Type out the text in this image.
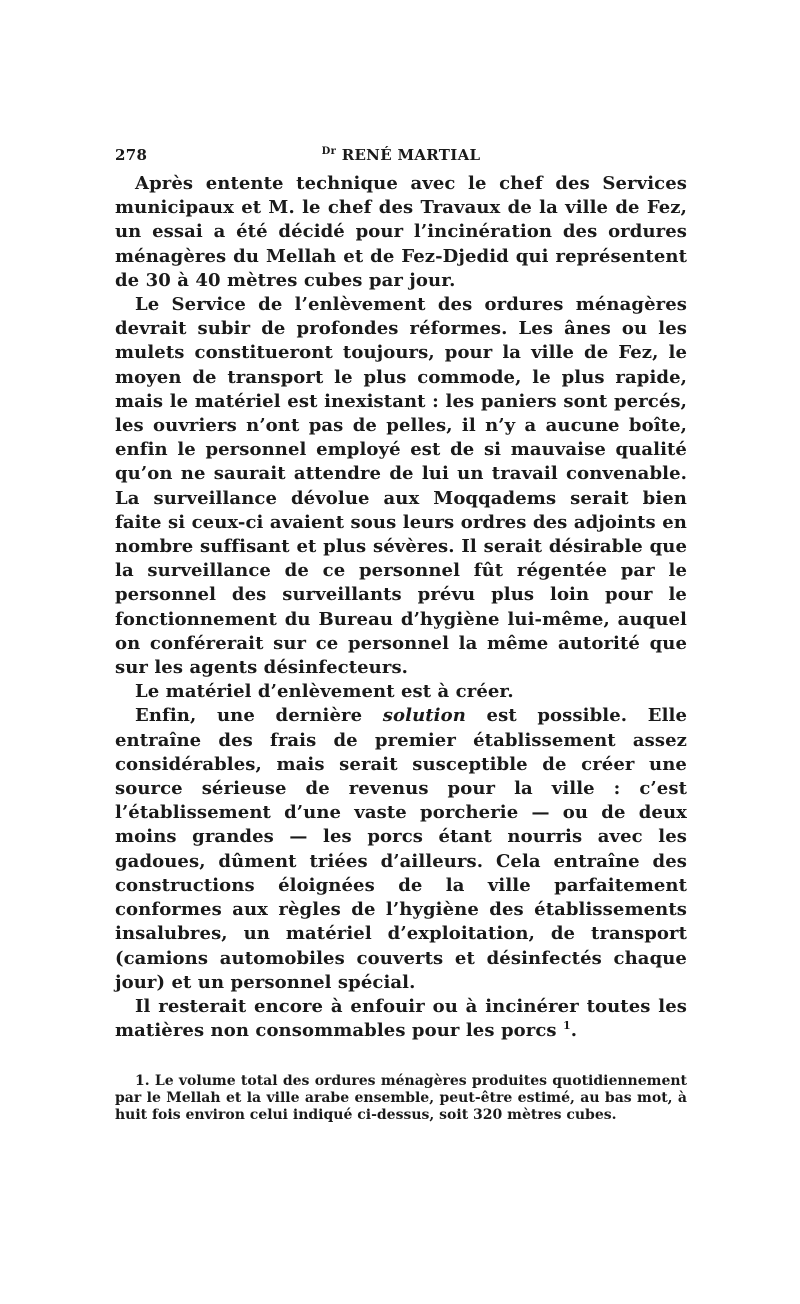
278	$^{Dr}$ RENÉ MARTIAL

Après entente technique avec le chef des Services municipaux et M. le chef des Travaux de la ville de Fez, un essai a été décidé pour l’incinération des ordures ménagères du Mellah et de Fez-Djedid qui représentent de 30 à 40 mètres cubes par jour.

Le Service de l’enlèvement des ordures ménagères devrait subir de profondes réformes. Les ânes ou les mulets constitueront toujours, pour la ville de Fez, le moyen de transport le plus commode, le plus rapide, mais le matériel est inexistant : les paniers sont percés, les ouvriers n’ont pas de pelles, il n’y a aucune boîte, enfin le personnel employé est de si mauvaise qualité qu’on ne saurait attendre de lui un travail convenable. La surveillance dévolue aux Moqqadems serait bien faite si ceux-ci avaient sous leurs ordres des adjoints en nombre suffisant et plus sévères. Il serait désirable que la surveillance de ce personnel fût régentée par le personnel des surveillants prévu plus loin pour le fonctionnement du Bureau d’hygiène lui-même, auquel on conférerait sur ce personnel la même autorité que sur les agents désinfecteurs.

Le matériel d’enlèvement est à créer.

Enfin, une dernière solution est possible. Elle entraîne des frais de premier établissement assez considérables, mais serait susceptible de créer une source sérieuse de revenus pour la ville : c’est l’établissement d’une vaste porcherie — ou de deux moins grandes — les porcs étant nourris avec les gadoues, dûment triées d’ailleurs. Cela entraîne des constructions éloignées de la ville parfaitement conformes aux règles de l’hygiène des établissements insalubres, un matériel d’exploitation, de transport (camions automobiles couverts et désinfectés chaque jour) et un personnel spécial.

Il resterait encore à enfouir ou à incinérer toutes les matières non consommables pour les porcs $^1$.

1. Le volume total des ordures ménagères produites quotidiennement par le Mellah et la ville arabe ensemble, peut-être estimé, au bas mot, à huit fois environ celui indiqué ci-dessus, soit 320 mètres cubes.
